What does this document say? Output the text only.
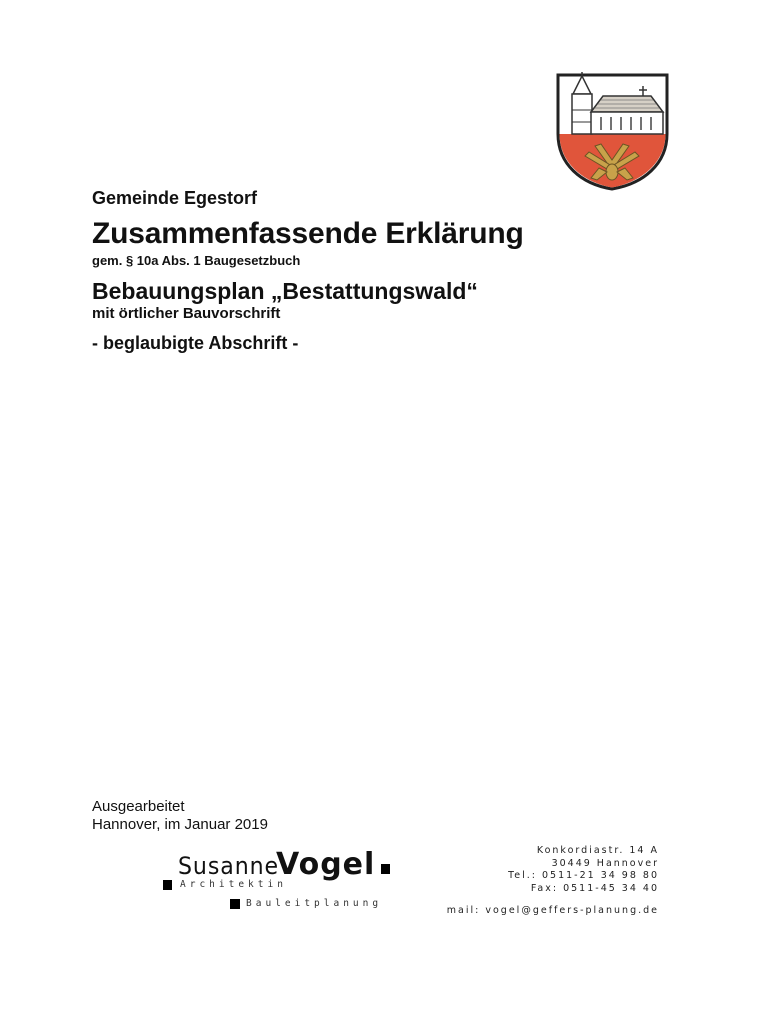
Gemeinde Egestorf
Zusammenfassende Erklärung
gem. § 10a Abs. 1 Baugesetzbuch
Bebauungsplan „Bestattungswald“
mit örtlicher Bauvorschrift
- beglaubigte Abschrift -
Ausgearbeitet
Hannover, im Januar 2019
Susanne
Vogel
Architektin
Bauleitplanung
Konkordiastr. 14 A
30449 Hannover
Tel.: 0511-21 34 98 80
Fax: 0511-45 34 40
mail: vogel@geffers-planung.de
